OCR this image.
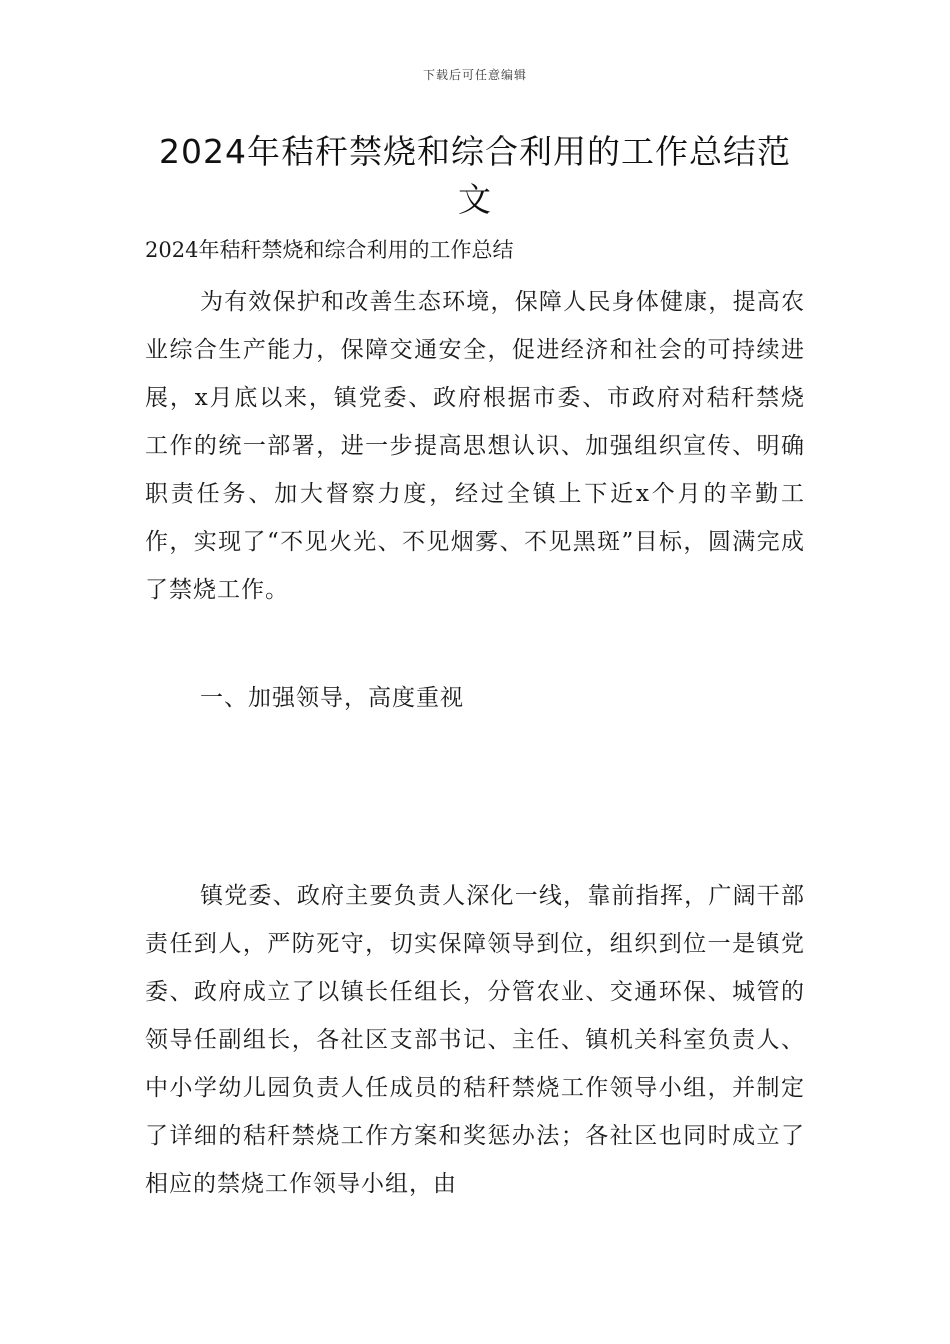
下载后可任意编辑
2024年秸秆禁烧和综合利用的工作总结范文
2024年秸秆禁烧和综合利用的工作总结
为有效保护和改善生态环境，保障人民身体健康，提高农业综合生产能力，保障交通安全，促进经济和社会的可持续进展，x月底以来，镇党委、政府根据市委、市政府对秸秆禁烧工作的统一部署，进一步提高思想认识、加强组织宣传、明确职责任务、加大督察力度，经过全镇上下近x个月的辛勤工作，实现了“不见火光、不见烟雾、不见黑斑”目标，圆满完成了禁烧工作。
一、加强领导，高度重视
镇党委、政府主要负责人深化一线，靠前指挥，广阔干部责任到人，严防死守，切实保障领导到位，组织到位一是镇党委、政府成立了以镇长任组长，分管农业、交通环保、城管的领导任副组长，各社区支部书记、主任、镇机关科室负责人、中小学幼儿园负责人任成员的秸秆禁烧工作领导小组，并制定了详细的秸秆禁烧工作方案和奖惩办法；各社区也同时成立了相应的禁烧工作领导小组，由
